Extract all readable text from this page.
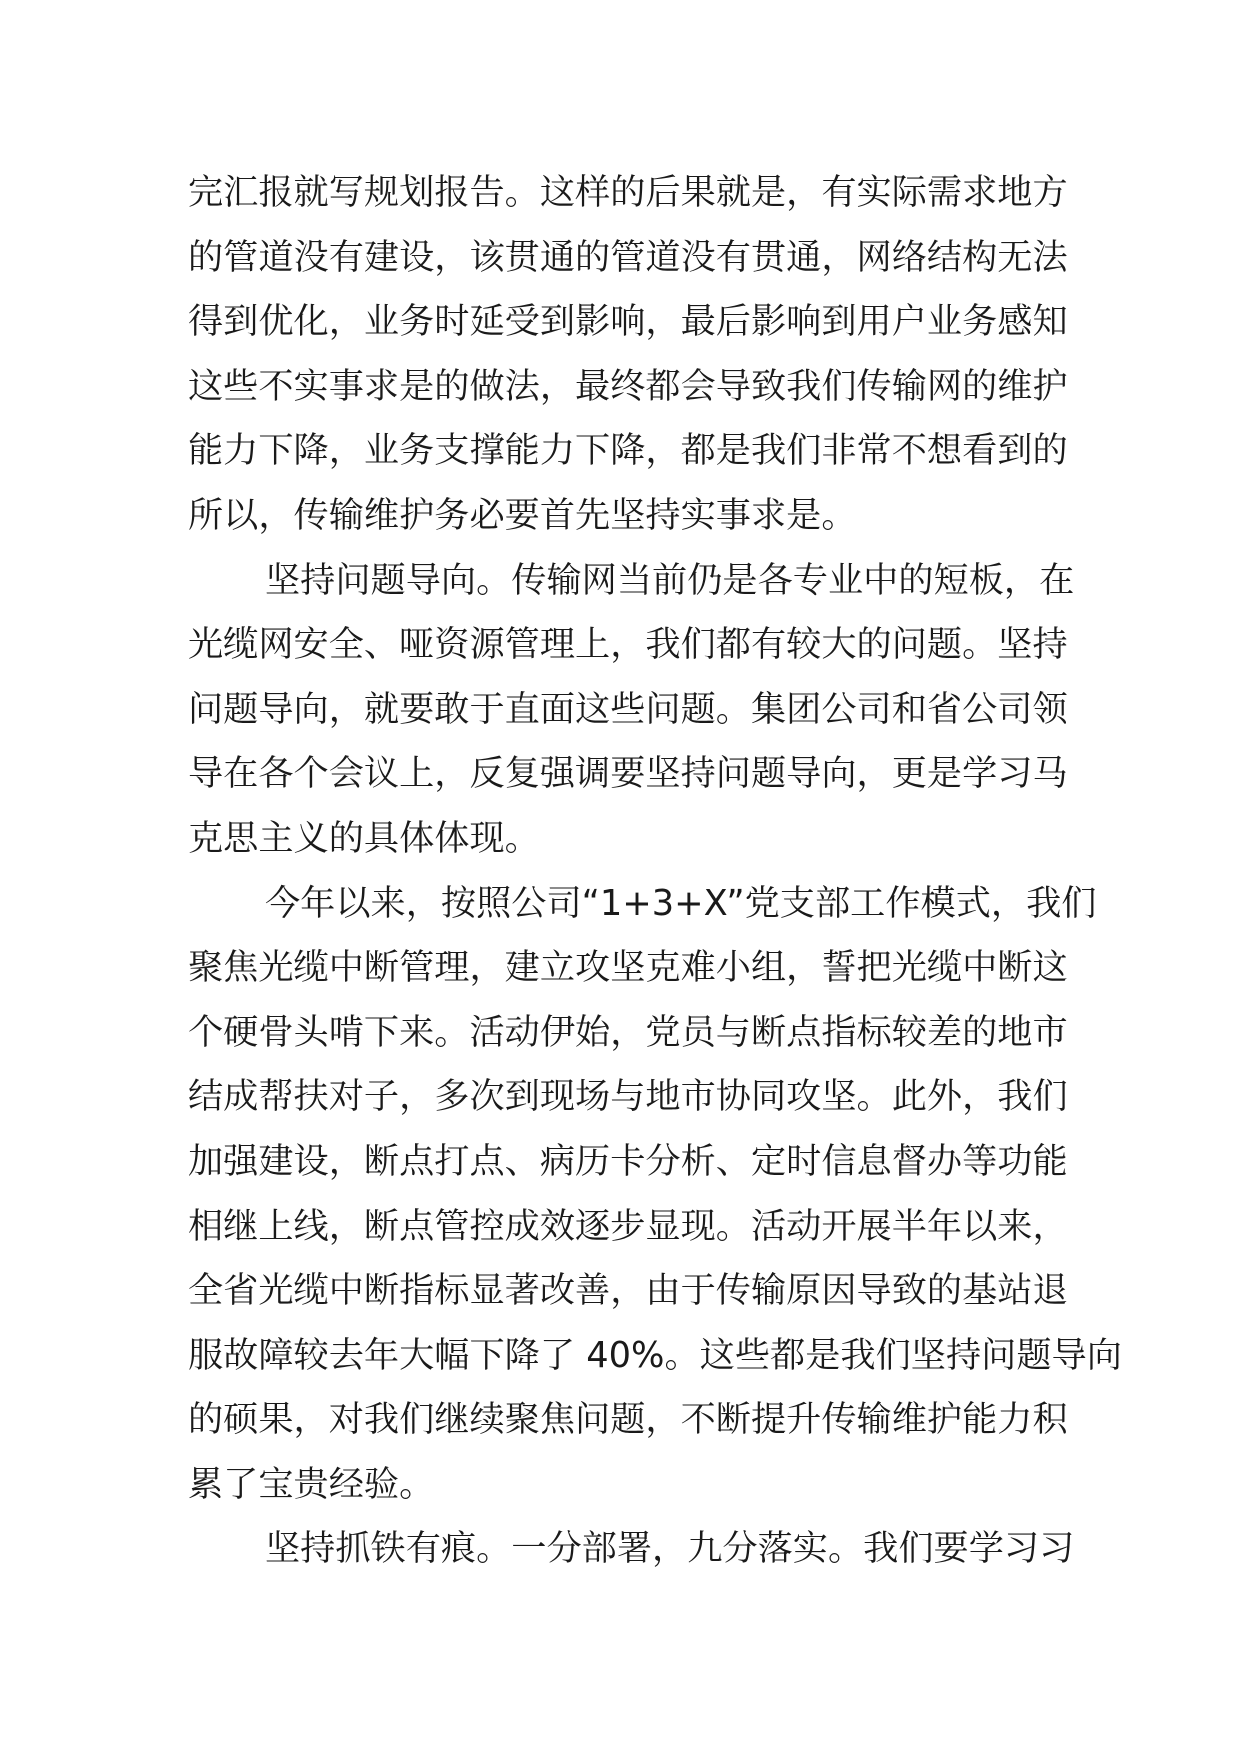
完汇报就写规划报告。这样的后果就是，有实际需求地方
的管道没有建设，该贯通的管道没有贯通，网络结构无法
得到优化，业务时延受到影响，最后影响到用户业务感知
这些不实事求是的做法，最终都会导致我们传输网的维护
能力下降，业务支撑能力下降，都是我们非常不想看到的
所以，传输维护务必要首先坚持实事求是。
坚持问题导向。传输网当前仍是各专业中的短板，在
光缆网安全、哑资源管理上，我们都有较大的问题。坚持
问题导向，就要敢于直面这些问题。集团公司和省公司领
导在各个会议上，反复强调要坚持问题导向，更是学习马
克思主义的具体体现。
今年以来，按照公司“1+3+X”党支部工作模式，我们
聚焦光缆中断管理，建立攻坚克难小组，誓把光缆中断这
个硬骨头啃下来。活动伊始，党员与断点指标较差的地市
结成帮扶对子，多次到现场与地市协同攻坚。此外，我们
加强建设，断点打点、病历卡分析、定时信息督办等功能
相继上线，断点管控成效逐步显现。活动开展半年以来，
全省光缆中断指标显著改善，由于传输原因导致的基站退
服故障较去年大幅下降了 40%。这些都是我们坚持问题导向
的硕果，对我们继续聚焦问题，不断提升传输维护能力积
累了宝贵经验。
坚持抓铁有痕。一分部署，九分落实。我们要学习习
